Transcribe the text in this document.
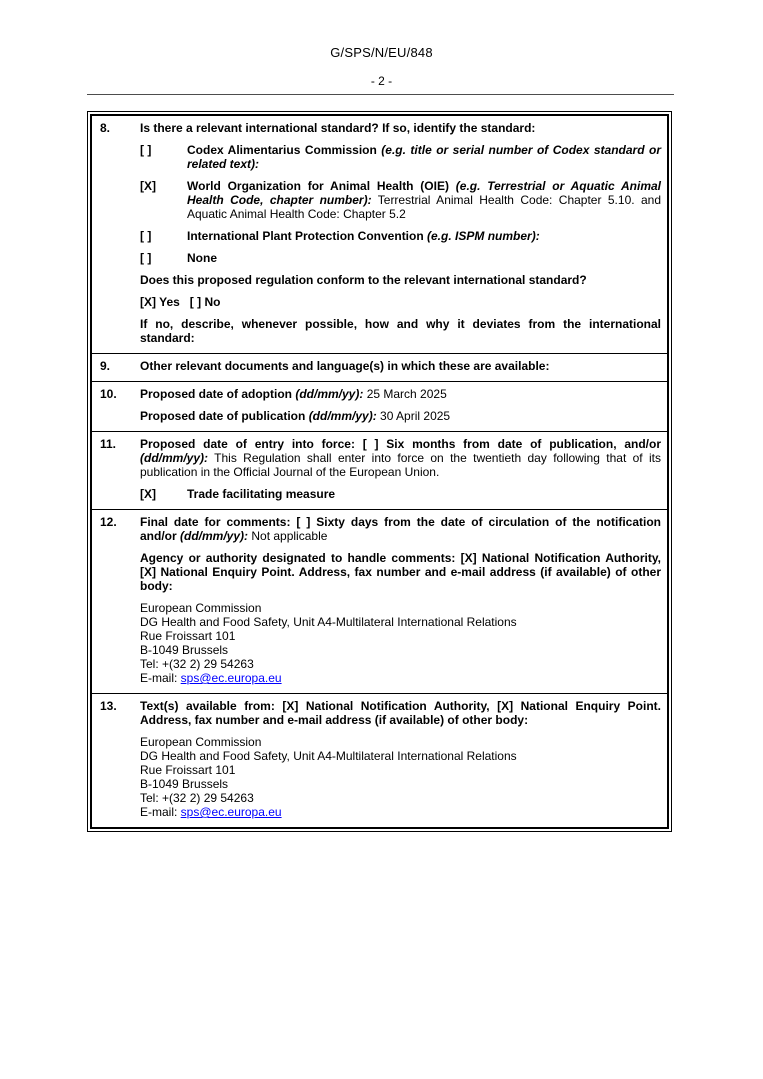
G/SPS/N/EU/848
- 2 -
8.	Is there a relevant international standard? If so, identify the standard:
[ ]	Codex Alimentarius Commission (e.g. title or serial number of Codex standard or related text):
[X]	World Organization for Animal Health (OIE) (e.g. Terrestrial or Aquatic Animal Health Code, chapter number): Terrestrial Animal Health Code: Chapter 5.10. and Aquatic Animal Health Code: Chapter 5.2
[ ]	International Plant Protection Convention (e.g. ISPM number):
[ ]	None
Does this proposed regulation conform to the relevant international standard?
[X] Yes   [ ] No
If no, describe, whenever possible, how and why it deviates from the international standard:
9.	Other relevant documents and language(s) in which these are available:
10.	Proposed date of adoption (dd/mm/yy): 25 March 2025
Proposed date of publication (dd/mm/yy): 30 April 2025
11.	Proposed date of entry into force: [ ] Six months from date of publication, and/or (dd/mm/yy): This Regulation shall enter into force on the twentieth day following that of its publication in the Official Journal of the European Union.
[X]	Trade facilitating measure
12.	Final date for comments: [ ] Sixty days from the date of circulation of the notification and/or (dd/mm/yy): Not applicable
Agency or authority designated to handle comments: [X] National Notification Authority, [X] National Enquiry Point. Address, fax number and e-mail address (if available) of other body:
European Commission
DG Health and Food Safety, Unit A4-Multilateral International Relations
Rue Froissart 101
B-1049 Brussels
Tel: +(32 2) 29 54263
E-mail: sps@ec.europa.eu
13.	Text(s) available from: [X] National Notification Authority, [X] National Enquiry Point. Address, fax number and e-mail address (if available) of other body:
European Commission
DG Health and Food Safety, Unit A4-Multilateral International Relations
Rue Froissart 101
B-1049 Brussels
Tel: +(32 2) 29 54263
E-mail: sps@ec.europa.eu
